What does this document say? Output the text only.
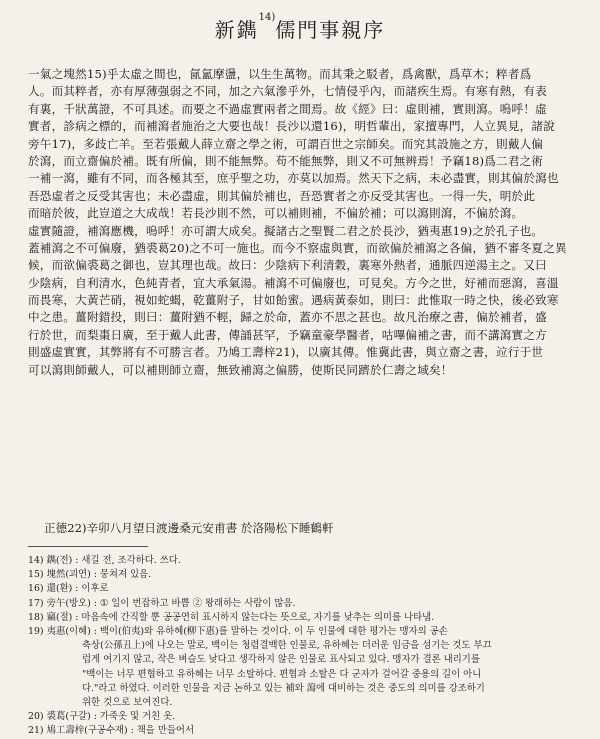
新鐫$^{14)}$儒門事親序
一氣之塊然15)乎太虛之間也，氤氳摩盪，以生生萬物。而其秉之駁者，爲禽獸，爲草木；粹者爲
人。而其粹者，亦有厚薄强弱之不同，加之六氣滲乎外，七情侵乎內，而諸疾生焉。有寒有熱，有表
有裏，千狀萬證，不可具述。而要之不過虛實兩者之間焉。故《經》曰：虛則補，實則瀉。嗚呼！虛
實者，診病之標的，而補瀉者施治之大要也哉！長沙以還16)，明哲輩出，家擅專門，人立異見，諸說
旁午17)，多歧亡羊。至若張戴人薛立齋之學之術，可謂百世之宗師矣。而究其設施之方，則戴人偏
於瀉，而立齋偏於補。既有所偏，則不能無弊。苟不能無弊，則又不可無辨焉！予竊18)爲二君之術
一補一瀉，雖有不同，而各極其至，庶乎聖之功，亦莫以加焉。然天下之病，未必盡實，則其偏於瀉也
吾恐虛者之反受其害也；未必盡虛，則其偏於補也，吾恐實者之亦反受其害也。一得一失，明於此
而暗於彼，此豈道之大成哉！若長沙則不然，可以補則補，不偏於補；可以瀉則瀉，不偏於瀉。
虛實隨證，補瀉應機，嗚呼！亦可謂大成矣。擬諸古之聖賢二君之於長沙，猶夷惠19)之於孔子也。
蓋補瀉之不可偏廢，猶裘葛20)之不可一施也。而今不察虛與實，而欲偏於補瀉之各偏，猶不審冬夏之異
候，而欲偏裘葛之御也，豈其理也哉。故曰：少陰病下利清穀，裏寒外熱者，通脈四逆湯主之。又曰
少陰病，自利清水，色純青者，宜大承氣湯。補瀉不可偏廢也，可見矣。方今之世，好補而惡瀉，喜溫
而畏寒，大黃芒硝，視如蛇蝎，乾薑附子，甘如飴蜜。遇病黃泰如，則曰：此惟取一時之快，後必致寒
中之患。薑附錯投，則曰：薑附猶不輕，歸之於命，蓋亦不思之甚也。故凡治療之書，偏於補者，盛
行於世，而梨棗日廣，至于戴人此書，傳誦甚罕，予竊童豪學醫者，咕嗶偏補之書，而不講瀉實之方
則盛虛實實，其弊將有不可勝言者。乃鳩工壽梓21)，以廣其傳。惟冀此書，與立齋之書，竝行于世
可以瀉則師戴人，可以補則師立齋，無致補瀉之偏勝，使斯民同躋於仁壽之域矣！
正德22)辛卯八月望日渡邊桑元安甫書 於洛陽松下睡鶴軒
14) 鐫(전) : 새길 전, 조각하다. 쓰다.
15) 塊然(괴연) : 뭉쳐져 있음.
16) 還(환) : 이후로
17) 旁午(방오) : ① 일이 번잡하고 바쁨 ② 왕래하는 사람이 많음.
18) 竊(절) : 마음속에 간직할 뿐 공공연히 표시하지 않는다는 뜻으로, 자기를 낮추는 의미를 나타냄.
19) 夷惠(이혜) : 백이(伯夷)와 유하혜(柳下惠)를 말하는 것이다. 이 두 인물에 대한 평가는 맹자의 공손
축상(公孫丑上)에 나오는 말로, 백이는 청렴결백한 인물로, 유하혜는 더러운 임금을 섬기는 것도 부끄
럽게 여기지 않고, 작은 벼슬도 낮다고 생각하지 않은 인물로 표사되고 있다. 맹자가 결론 내리기를
"백이는 너무 편협하고 유하혜는 너무 소탈하다. 편협과 소탈은 다 군자가 걸어갈 중용의 길이 아니
다."라고 하였다. 이러한 인물을 지금 논하고 있는 補와 瀉에 대비하는 것은 중도의 의미를 강조하기
위한 것으로 보여진다.
20) 裘葛(구갈) : 가죽옷 및 거친 옷.
21) 鳩工壽梓(구공수재) : 책을 만들어서
